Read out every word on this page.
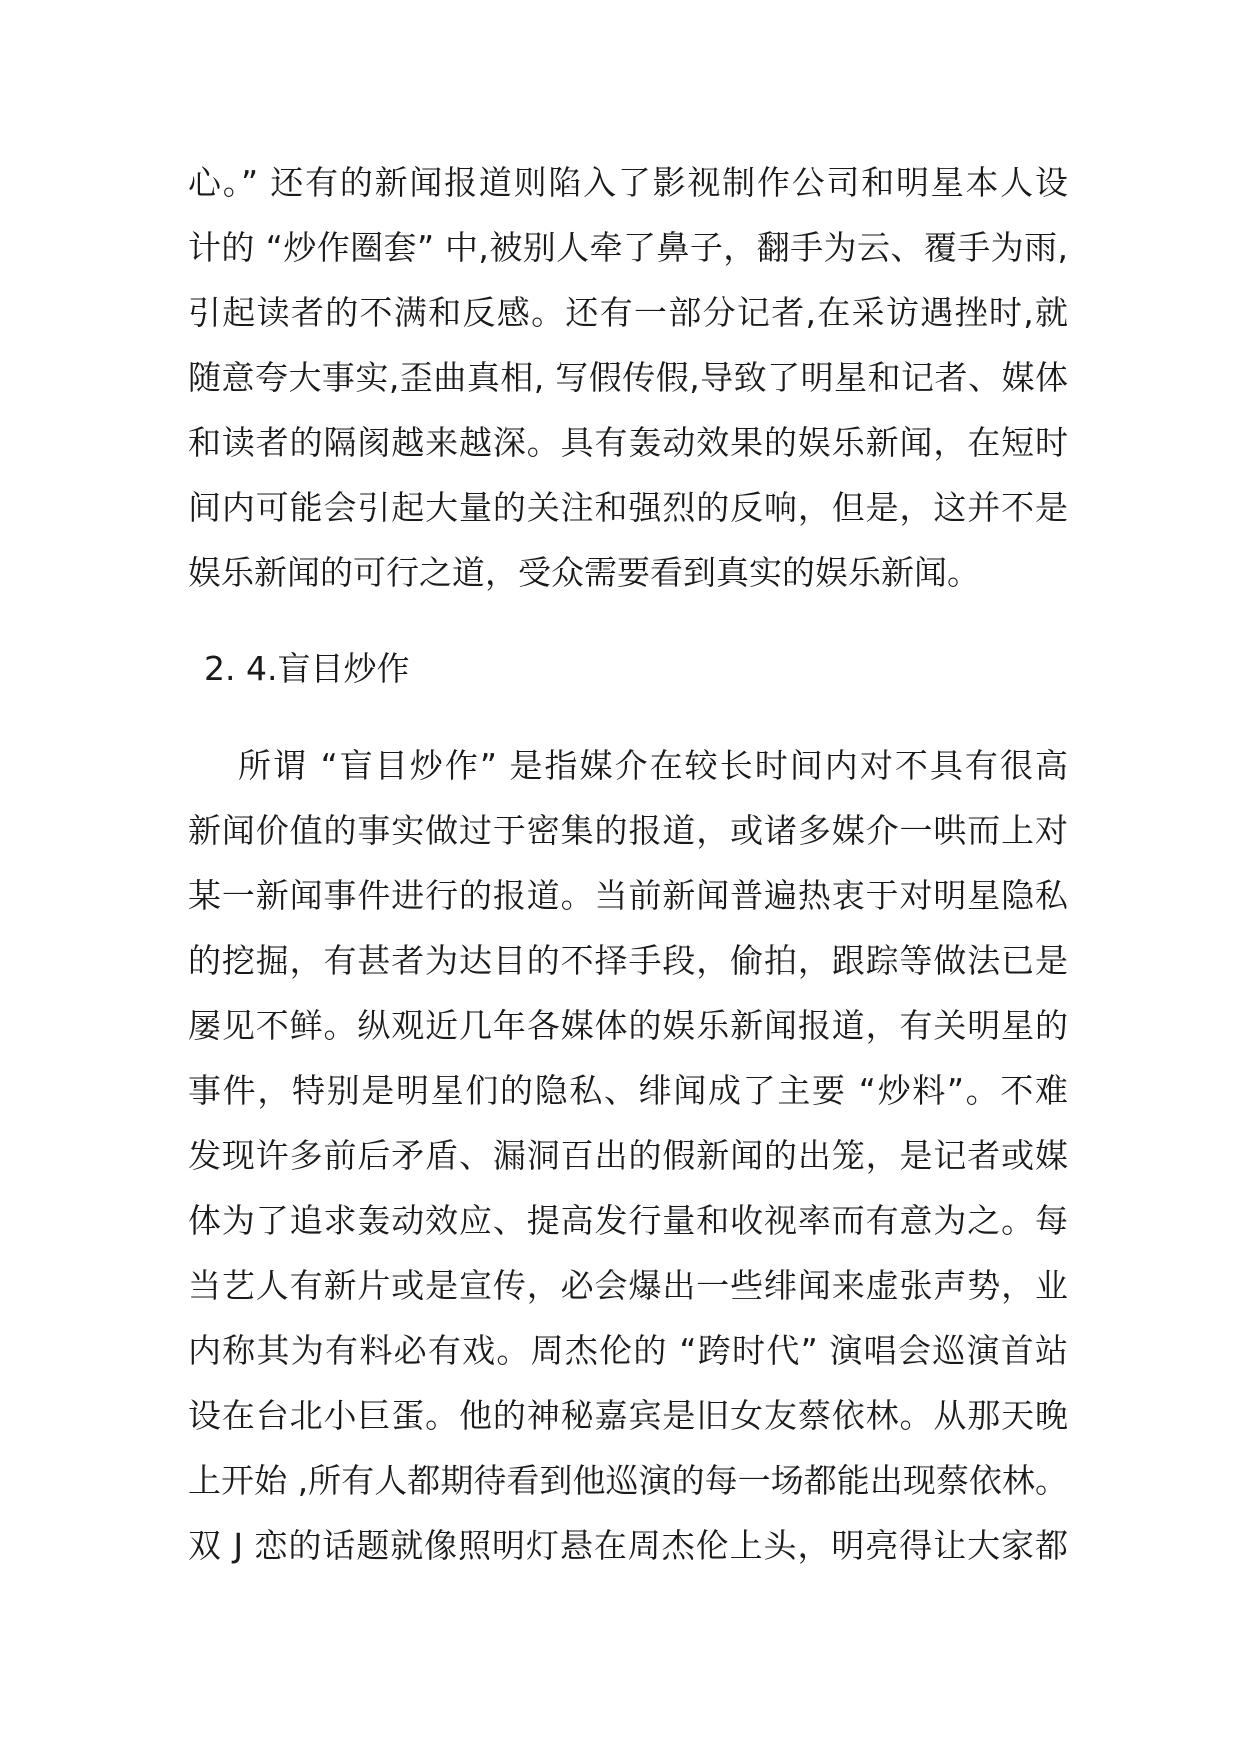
心。” 还有的新闻报道则陷入了影视制作公司和明星本人设
计的 “炒作圈套” 中,被别人牵了鼻子，翻手为云、覆手为雨,
引起读者的不满和反感。还有一部分记者,在采访遇挫时,就
随意夸大事实,歪曲真相, 写假传假,导致了明星和记者、媒体
和读者的隔阂越来越深。具有轰动效果的娱乐新闻，在短时
间内可能会引起大量的关注和强烈的反响，但是，这并不是
娱乐新闻的可行之道，受众需要看到真实的娱乐新闻。
2. 4.盲目炒作
所谓 “盲目炒作” 是指媒介在较长时间内对不具有很高
新闻价值的事实做过于密集的报道，或诸多媒介一哄而上对
某一新闻事件进行的报道。当前新闻普遍热衷于对明星隐私
的挖掘，有甚者为达目的不择手段，偷拍，跟踪等做法已是
屡见不鲜。纵观近几年各媒体的娱乐新闻报道，有关明星的
事件，特别是明星们的隐私、绯闻成了主要 “炒料”。不难
发现许多前后矛盾、漏洞百出的假新闻的出笼，是记者或媒
体为了追求轰动效应、提高发行量和收视率而有意为之。每
当艺人有新片或是宣传，必会爆出一些绯闻来虚张声势，业
内称其为有料必有戏。周杰伦的 “跨时代” 演唱会巡演首站
设在台北小巨蛋。他的神秘嘉宾是旧女友蔡依林。从那天晚
上开始 ,所有人都期待看到他巡演的每一场都能出现蔡依林。
双 J 恋的话题就像照明灯悬在周杰伦上头，明亮得让大家都
